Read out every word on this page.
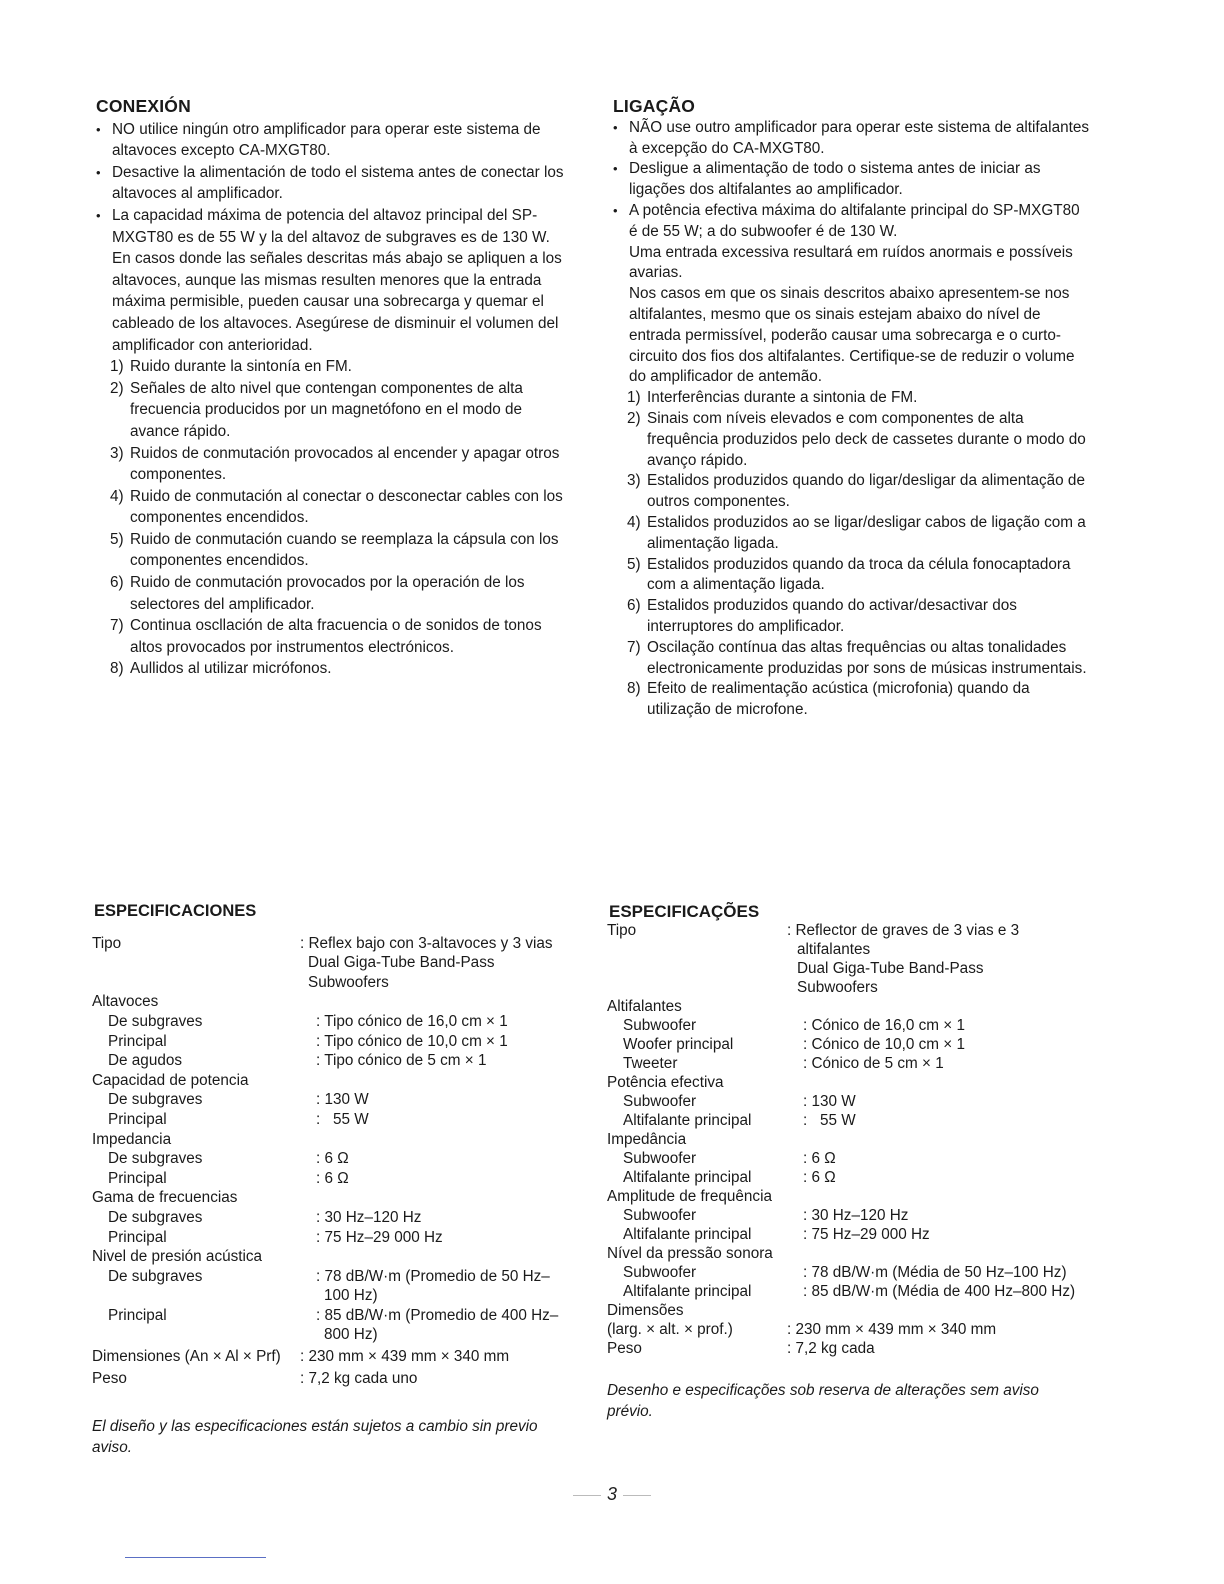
CONEXIÓN
• NO utilice ningún otro amplificador para operar este sistema de altavoces excepto CA-MXGT80.
• Desactive la alimentación de todo el sistema antes de conectar los altavoces al amplificador.
• La capacidad máxima de potencia del altavoz principal del SP-MXGT80 es de 55 W y la del altavoz de subgraves es de 130 W. En casos donde las señales descritas más abajo se apliquen a los altavoces, aunque las mismas resulten menores que la entrada máxima permisible, pueden causar una sobrecarga y quemar el cableado de los altavoces. Asegúrese de disminuir el volumen del amplificador con anterioridad.
1) Ruido durante la sintonía en FM.
2) Señales de alto nivel que contengan componentes de alta frecuencia producidos por un magnetófono en el modo de avance rápido.
3) Ruidos de conmutación provocados al encender y apagar otros componentes.
4) Ruido de conmutación al conectar o desconectar cables con los componentes encendidos.
5) Ruido de conmutación cuando se reemplaza la cápsula con los componentes encendidos.
6) Ruido de conmutación provocados por la operación de los selectores del amplificador.
7) Continua oscllación de alta fracuencia o de sonidos de tonos altos provocados por instrumentos electrónicos.
8) Aullidos al utilizar micrófonos.
LIGAÇÃO
• NÃO use outro amplificador para operar este sistema de altifalantes à excepção do CA-MXGT80.
• Desligue a alimentação de todo o sistema antes de iniciar as ligações dos altifalantes ao amplificador.
• A potência efectiva máxima do altifalante principal do SP-MXGT80 é de 55 W; a do subwoofer é de 130 W.
Uma entrada excessiva resultará em ruídos anormais e possíveis avarias.
Nos casos em que os sinais descritos abaixo apresentem-se nos altifalantes, mesmo que os sinais estejam abaixo do nível de entrada permissível, poderão causar uma sobrecarga e o curto-circuito dos fios dos altifalantes. Certifique-se de reduzir o volume do amplificador de antemão.
1) Interferências durante a sintonia de FM.
2) Sinais com níveis elevados e com componentes de alta frequência produzidos pelo deck de cassetes durante o modo do avanço rápido.
3) Estalidos produzidos quando do ligar/desligar da alimentação de outros componentes.
4) Estalidos produzidos ao se ligar/desligar cabos de ligação com a alimentação ligada.
5) Estalidos produzidos quando da troca da célula fonocaptadora com a alimentação ligada.
6) Estalidos produzidos quando do activar/desactivar dos interruptores do amplificador.
7) Oscilação contínua das altas frequências ou altas tonalidades electronicamente produzidas por sons de músicas instrumentais.
8) Efeito de realimentação acústica (microfonia) quando da utilização de microfone.
ESPECIFICACIONES
Tipo	: Reflex bajo con 3-altavoces y 3 vias
Dual Giga-Tube Band-Pass
Subwoofers
Altavoces
De subgraves	: Tipo cónico de 16,0 cm × 1
Principal	: Tipo cónico de 10,0 cm × 1
De agudos	: Tipo cónico de 5 cm × 1
Capacidad de potencia
De subgraves	: 130 W
Principal	:   55 W
Impedancia
De subgraves	: 6 Ω
Principal	: 6 Ω
Gama de frecuencias
De subgraves	: 30 Hz–120 Hz
Principal	: 75 Hz–29 000 Hz
Nivel de presión acústica
De subgraves	: 78 dB/W·m (Promedio de 50 Hz–
100 Hz)
Principal	: 85 dB/W·m (Promedio de 400 Hz–
800 Hz)
Dimensiones (An × Al × Prf)	: 230 mm × 439 mm × 340 mm
Peso	: 7,2 kg cada uno
El diseño y las especificaciones están sujetos a cambio sin previo aviso.
ESPECIFICAÇÕES
Tipo	: Reflector de graves de 3 vias e 3
altifalantes
Dual Giga-Tube Band-Pass
Subwoofers
Altifalantes
Subwoofer	: Cónico de 16,0 cm × 1
Woofer principal	: Cónico de 10,0 cm × 1
Tweeter	: Cónico de 5 cm × 1
Potência efectiva
Subwoofer	: 130 W
Altifalante principal	:   55 W
Impedância
Subwoofer	: 6 Ω
Altifalante principal	: 6 Ω
Amplitude de frequência
Subwoofer	: 30 Hz–120 Hz
Altifalante principal	: 75 Hz–29 000 Hz
Nível da pressão sonora
Subwoofer	: 78 dB/W·m (Média de 50 Hz–100 Hz)
Altifalante principal	: 85 dB/W·m (Média de 400 Hz–800 Hz)
Dimensões
(larg. × alt. × prof.)	: 230 mm × 439 mm × 340 mm
Peso	: 7,2 kg cada
Desenho e especificações sob reserva de alterações sem aviso prévio.
3
